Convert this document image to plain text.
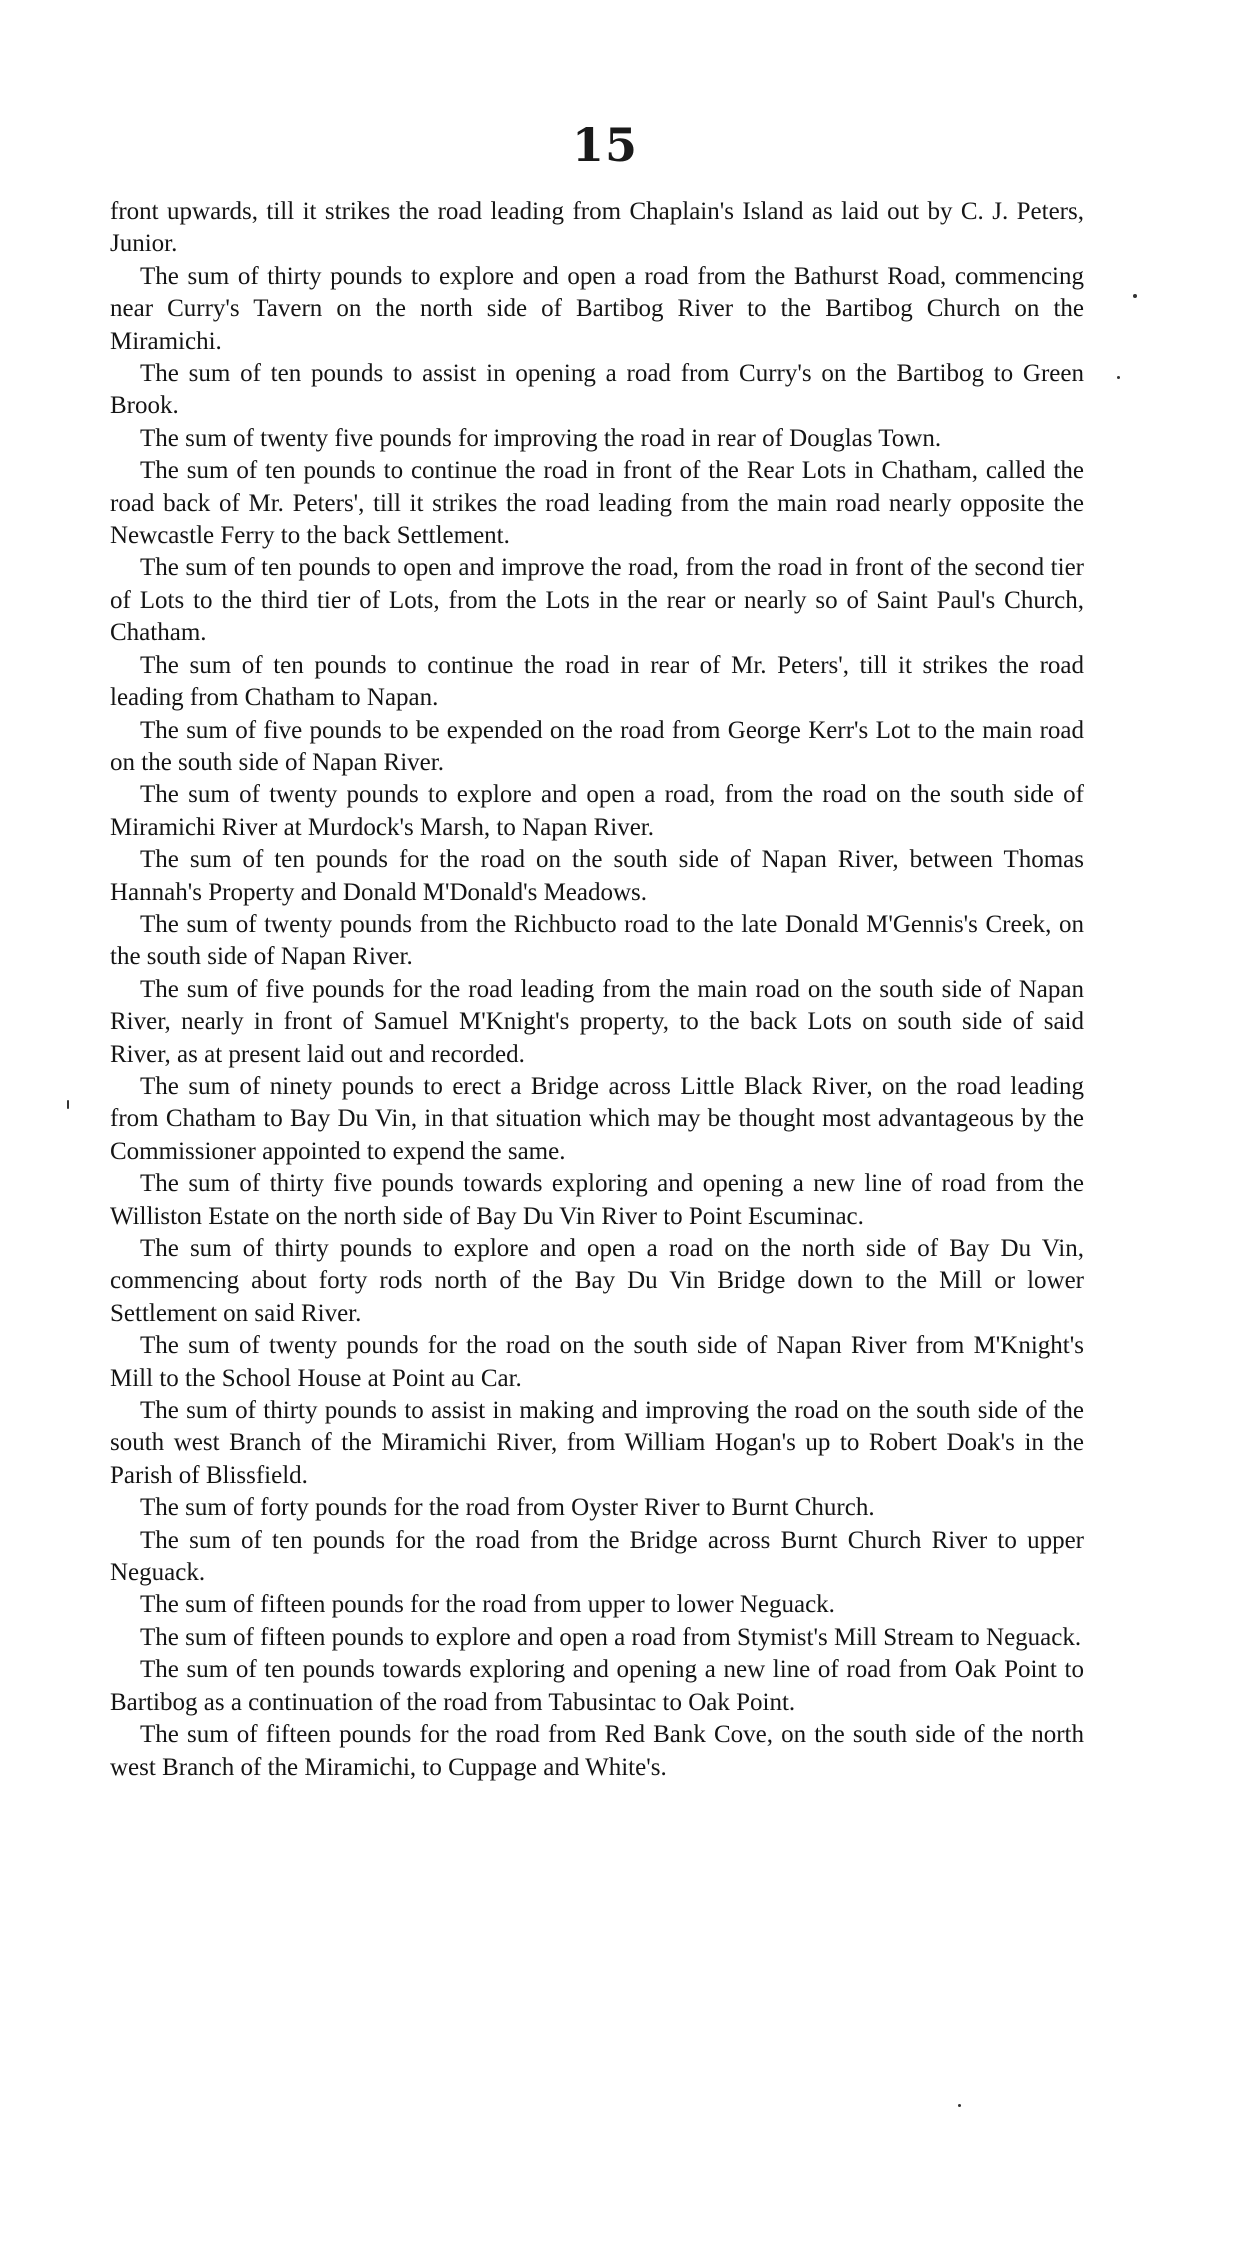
15

front upwards, till it strikes the road leading from Chaplain's Island as laid out by C. J. Peters, Junior.

The sum of thirty pounds to explore and open a road from the Bathurst Road, commencing near Curry's Tavern on the north side of Bartibog River to the Bartibog Church on the Miramichi.

The sum of ten pounds to assist in opening a road from Curry's on the Bartibog to Green Brook.

The sum of twenty five pounds for improving the road in rear of Douglas Town.

The sum of ten pounds to continue the road in front of the Rear Lots in Chatham, called the road back of Mr. Peters', till it strikes the road leading from the main road nearly opposite the Newcastle Ferry to the back Settlement.

The sum of ten pounds to open and improve the road, from the road in front of the second tier of Lots to the third tier of Lots, from the Lots in the rear or nearly so of Saint Paul's Church, Chatham.

The sum of ten pounds to continue the road in rear of Mr. Peters', till it strikes the road leading from Chatham to Napan.

The sum of five pounds to be expended on the road from George Kerr's Lot to the main road on the south side of Napan River.

The sum of twenty pounds to explore and open a road, from the road on the south side of Miramichi River at Murdock's Marsh, to Napan River.

The sum of ten pounds for the road on the south side of Napan River, between Thomas Hannah's Property and Donald M'Donald's Meadows.

The sum of twenty pounds from the Richbucto road to the late Donald M'Gennis's Creek, on the south side of Napan River.

The sum of five pounds for the road leading from the main road on the south side of Napan River, nearly in front of Samuel M'Knight's property, to the back Lots on south side of said River, as at present laid out and recorded.

The sum of ninety pounds to erect a Bridge across Little Black River, on the road leading from Chatham to Bay Du Vin, in that situation which may be thought most advantageous by the Commissioner appointed to expend the same.

The sum of thirty five pounds towards exploring and opening a new line of road from the Williston Estate on the north side of Bay Du Vin River to Point Escuminac.

The sum of thirty pounds to explore and open a road on the north side of Bay Du Vin, commencing about forty rods north of the Bay Du Vin Bridge down to the Mill or lower Settlement on said River.

The sum of twenty pounds for the road on the south side of Napan River from M'Knight's Mill to the School House at Point au Car.

The sum of thirty pounds to assist in making and improving the road on the south side of the south west Branch of the Miramichi River, from William Hogan's up to Robert Doak's in the Parish of Blissfield.

The sum of forty pounds for the road from Oyster River to Burnt Church.

The sum of ten pounds for the road from the Bridge across Burnt Church River to upper Neguack.

The sum of fifteen pounds for the road from upper to lower Neguack.

The sum of fifteen pounds to explore and open a road from Stymist's Mill Stream to Neguack.

The sum of ten pounds towards exploring and opening a new line of road from Oak Point to Bartibog as a continuation of the road from Tabusintac to Oak Point.

The sum of fifteen pounds for the road from Red Bank Cove, on the south side of the north west Branch of the Miramichi, to Cuppage and White's.
